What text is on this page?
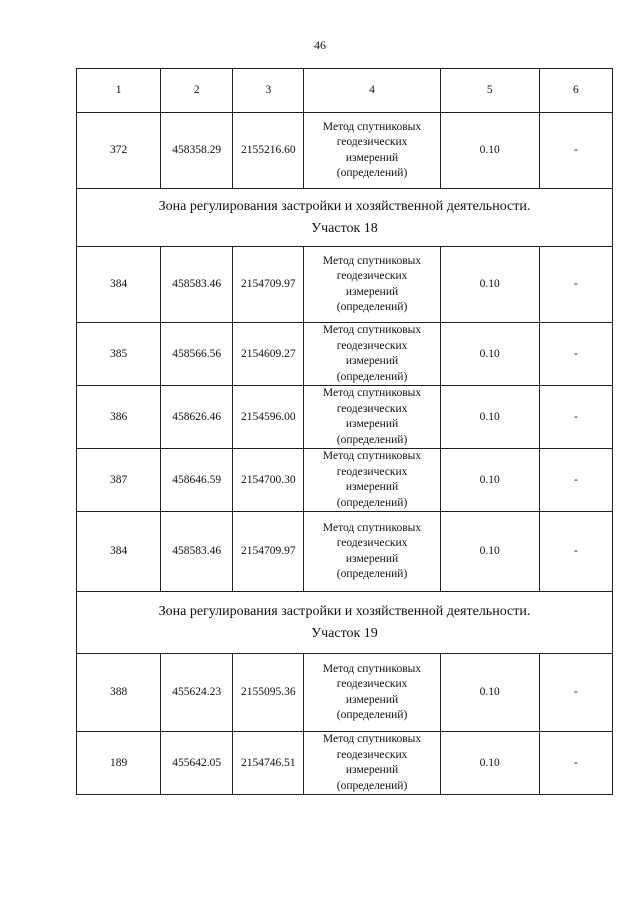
46
1	2	3	4	5	6
372	458358.29	2155216.60	Метод спутниковых
геодезических
измерений
(определений)	0.10	-

Зона регулирования застройки и хозяйственной деятельности.
Участок 18					

384	458583.46	2154709.97	Метод спутниковых
геодезических
измерений
(определений)	0.10	-
385	458566.56	2154609.27	Метод спутниковых
геодезических
измерений
(определений)	0.10	-
386	458626.46	2154596.00	Метод спутниковых
геодезических
измерений
(определений)	0.10	-
387	458646.59	2154700.30	Метод спутниковых
геодезических
измерений
(определений)	0.10	-
384	458583.46	2154709.97	Метод спутниковых
геодезических
измерений
(определений)	0.10	-

Зона регулирования застройки и хозяйственной деятельности.
Участок 19					

388	455624.23	2155095.36	Метод спутниковых
геодезических
измерений
(определений)	0.10	-
189	455642.05	2154746.51	Метод спутниковых
геодезических
измерений
(определений)	0.10	-
